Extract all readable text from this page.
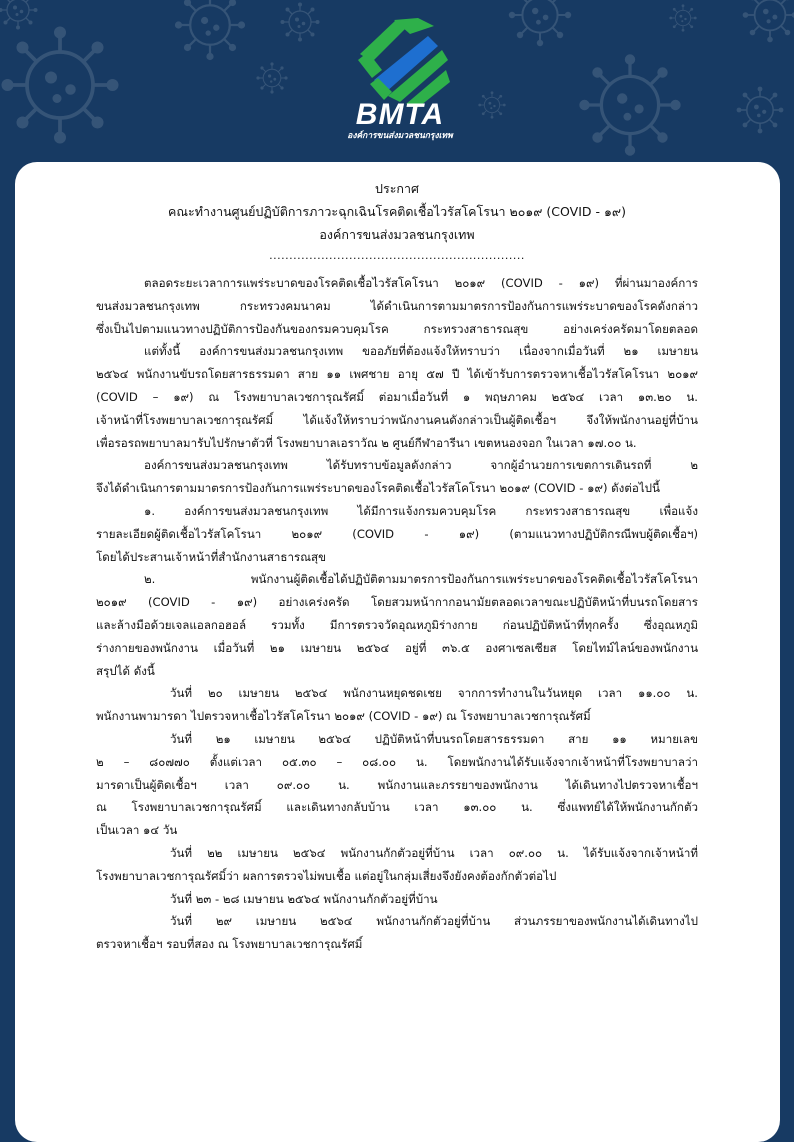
BMTA
องค์การขนส่งมวลชนกรุงเทพ
ประกาศ
คณะทำงานศูนย์ปฏิบัติการภาวะฉุกเฉินโรคติดเชื้อไวรัสโคโรนา ๒๐๑๙ (COVID - ๑๙)
องค์การขนส่งมวลชนกรุงเทพ
................................................................
ตลอดระยะเวลาการแพร่ระบาดของโรคติดเชื้อไวรัสโคโรนา ๒๐๑๙ (COVID - ๑๙) ที่ผ่านมาองค์การ
ขนส่งมวลชนกรุงเทพ กระทรวงคมนาคม ได้ดำเนินการตามมาตรการป้องกันการแพร่ระบาดของโรคดังกล่าว
ซึ่งเป็นไปตามแนวทางปฏิบัติการป้องกันของกรมควบคุมโรค กระทรวงสาธารณสุข อย่างเคร่งครัดมาโดยตลอด
แต่ทั้งนี้ องค์การขนส่งมวลชนกรุงเทพ ขออภัยที่ต้องแจ้งให้ทราบว่า เนื่องจากเมื่อวันที่ ๒๑ เมษายน
๒๕๖๔ พนักงานขับรถโดยสารธรรมดา สาย ๑๑ เพศชาย อายุ ๕๗ ปี ได้เข้ารับการตรวจหาเชื้อไวรัสโคโรนา ๒๐๑๙
(COVID – ๑๙) ณ โรงพยาบาลเวชการุณรัศมิ์ ต่อมาเมื่อวันที่ ๑ พฤษภาคม ๒๕๖๔ เวลา ๑๓.๒๐ น.
เจ้าหน้าที่โรงพยาบาลเวชการุณรัศมิ์ ได้แจ้งให้ทราบว่าพนักงานคนดังกล่าวเป็นผู้ติดเชื้อฯ จึงให้พนักงานอยู่ที่บ้าน
เพื่อรอรถพยาบาลมารับไปรักษาตัวที่ โรงพยาบาลเอราวัณ ๒ ศูนย์กีฬาอารีนา เขตหนองจอก ในเวลา ๑๗.๐๐ น.
องค์การขนส่งมวลชนกรุงเทพ ได้รับทราบข้อมูลดังกล่าว จากผู้อำนวยการเขตการเดินรถที่ ๒
จึงได้ดำเนินการตามมาตรการป้องกันการแพร่ระบาดของโรคติดเชื้อไวรัสโคโรนา ๒๐๑๙ (COVID - ๑๙) ดังต่อไปนี้
๑. องค์การขนส่งมวลชนกรุงเทพ ได้มีการแจ้งกรมควบคุมโรค กระทรวงสาธารณสุข เพื่อแจ้ง
รายละเอียดผู้ติดเชื้อไวรัสโคโรนา ๒๐๑๙ (COVID - ๑๙) (ตามแนวทางปฏิบัติกรณีพบผู้ติดเชื้อฯ)
โดยได้ประสานเจ้าหน้าที่สำนักงานสาธารณสุข
๒. พนักงานผู้ติดเชื้อได้ปฏิบัติตามมาตรการป้องกันการแพร่ระบาดของโรคติดเชื้อไวรัสโคโรนา
๒๐๑๙ (COVID - ๑๙) อย่างเคร่งครัด โดยสวมหน้ากากอนามัยตลอดเวลาขณะปฏิบัติหน้าที่บนรถโดยสาร
และล้างมือด้วยเจลแอลกอฮอล์ รวมทั้ง มีการตรวจวัดอุณหภูมิร่างกาย ก่อนปฏิบัติหน้าที่ทุกครั้ง ซึ่งอุณหภูมิ
ร่างกายของพนักงาน เมื่อวันที่ ๒๑ เมษายน ๒๕๖๔ อยู่ที่ ๓๖.๕ องศาเซลเซียส โดยไทม์ไลน์ของพนักงาน
สรุปได้ ดังนี้
วันที่ ๒๐ เมษายน ๒๕๖๔ พนักงานหยุดชดเชย จากการทำงานในวันหยุด เวลา ๑๑.๐๐ น.
พนักงานพามารดา ไปตรวจหาเชื้อไวรัสโคโรนา ๒๐๑๙ (COVID - ๑๙) ณ โรงพยาบาลเวชการุณรัศมิ์
วันที่ ๒๑ เมษายน ๒๕๖๔ ปฏิบัติหน้าที่บนรถโดยสารธรรมดา สาย ๑๑ หมายเลข
๒ – ๘๐๗๗๐ ตั้งแต่เวลา ๐๕.๓๐ – ๐๘.๐๐ น. โดยพนักงานได้รับแจ้งจากเจ้าหน้าที่โรงพยาบาลว่า
มารดาเป็นผู้ติดเชื้อฯ เวลา ๐๙.๐๐ น. พนักงานและภรรยาของพนักงาน ได้เดินทางไปตรวจหาเชื้อฯ
ณ โรงพยาบาลเวชการุณรัศมิ์ และเดินทางกลับบ้าน เวลา ๑๓.๐๐ น. ซึ่งแพทย์ได้ให้พนักงานกักตัว
เป็นเวลา ๑๔ วัน
วันที่ ๒๒ เมษายน ๒๕๖๔ พนักงานกักตัวอยู่ที่บ้าน เวลา ๐๙.๐๐ น. ได้รับแจ้งจากเจ้าหน้าที่
โรงพยาบาลเวชการุณรัศมิ์ว่า ผลการตรวจไม่พบเชื้อ แต่อยู่ในกลุ่มเสี่ยงจึงยังคงต้องกักตัวต่อไป
วันที่ ๒๓ - ๒๘ เมษายน ๒๕๖๔ พนักงานกักตัวอยู่ที่บ้าน
วันที่ ๒๙ เมษายน ๒๕๖๔ พนักงานกักตัวอยู่ที่บ้าน ส่วนภรรยาของพนักงานได้เดินทางไป
ตรวจหาเชื้อฯ รอบที่สอง ณ โรงพยาบาลเวชการุณรัศมิ์
